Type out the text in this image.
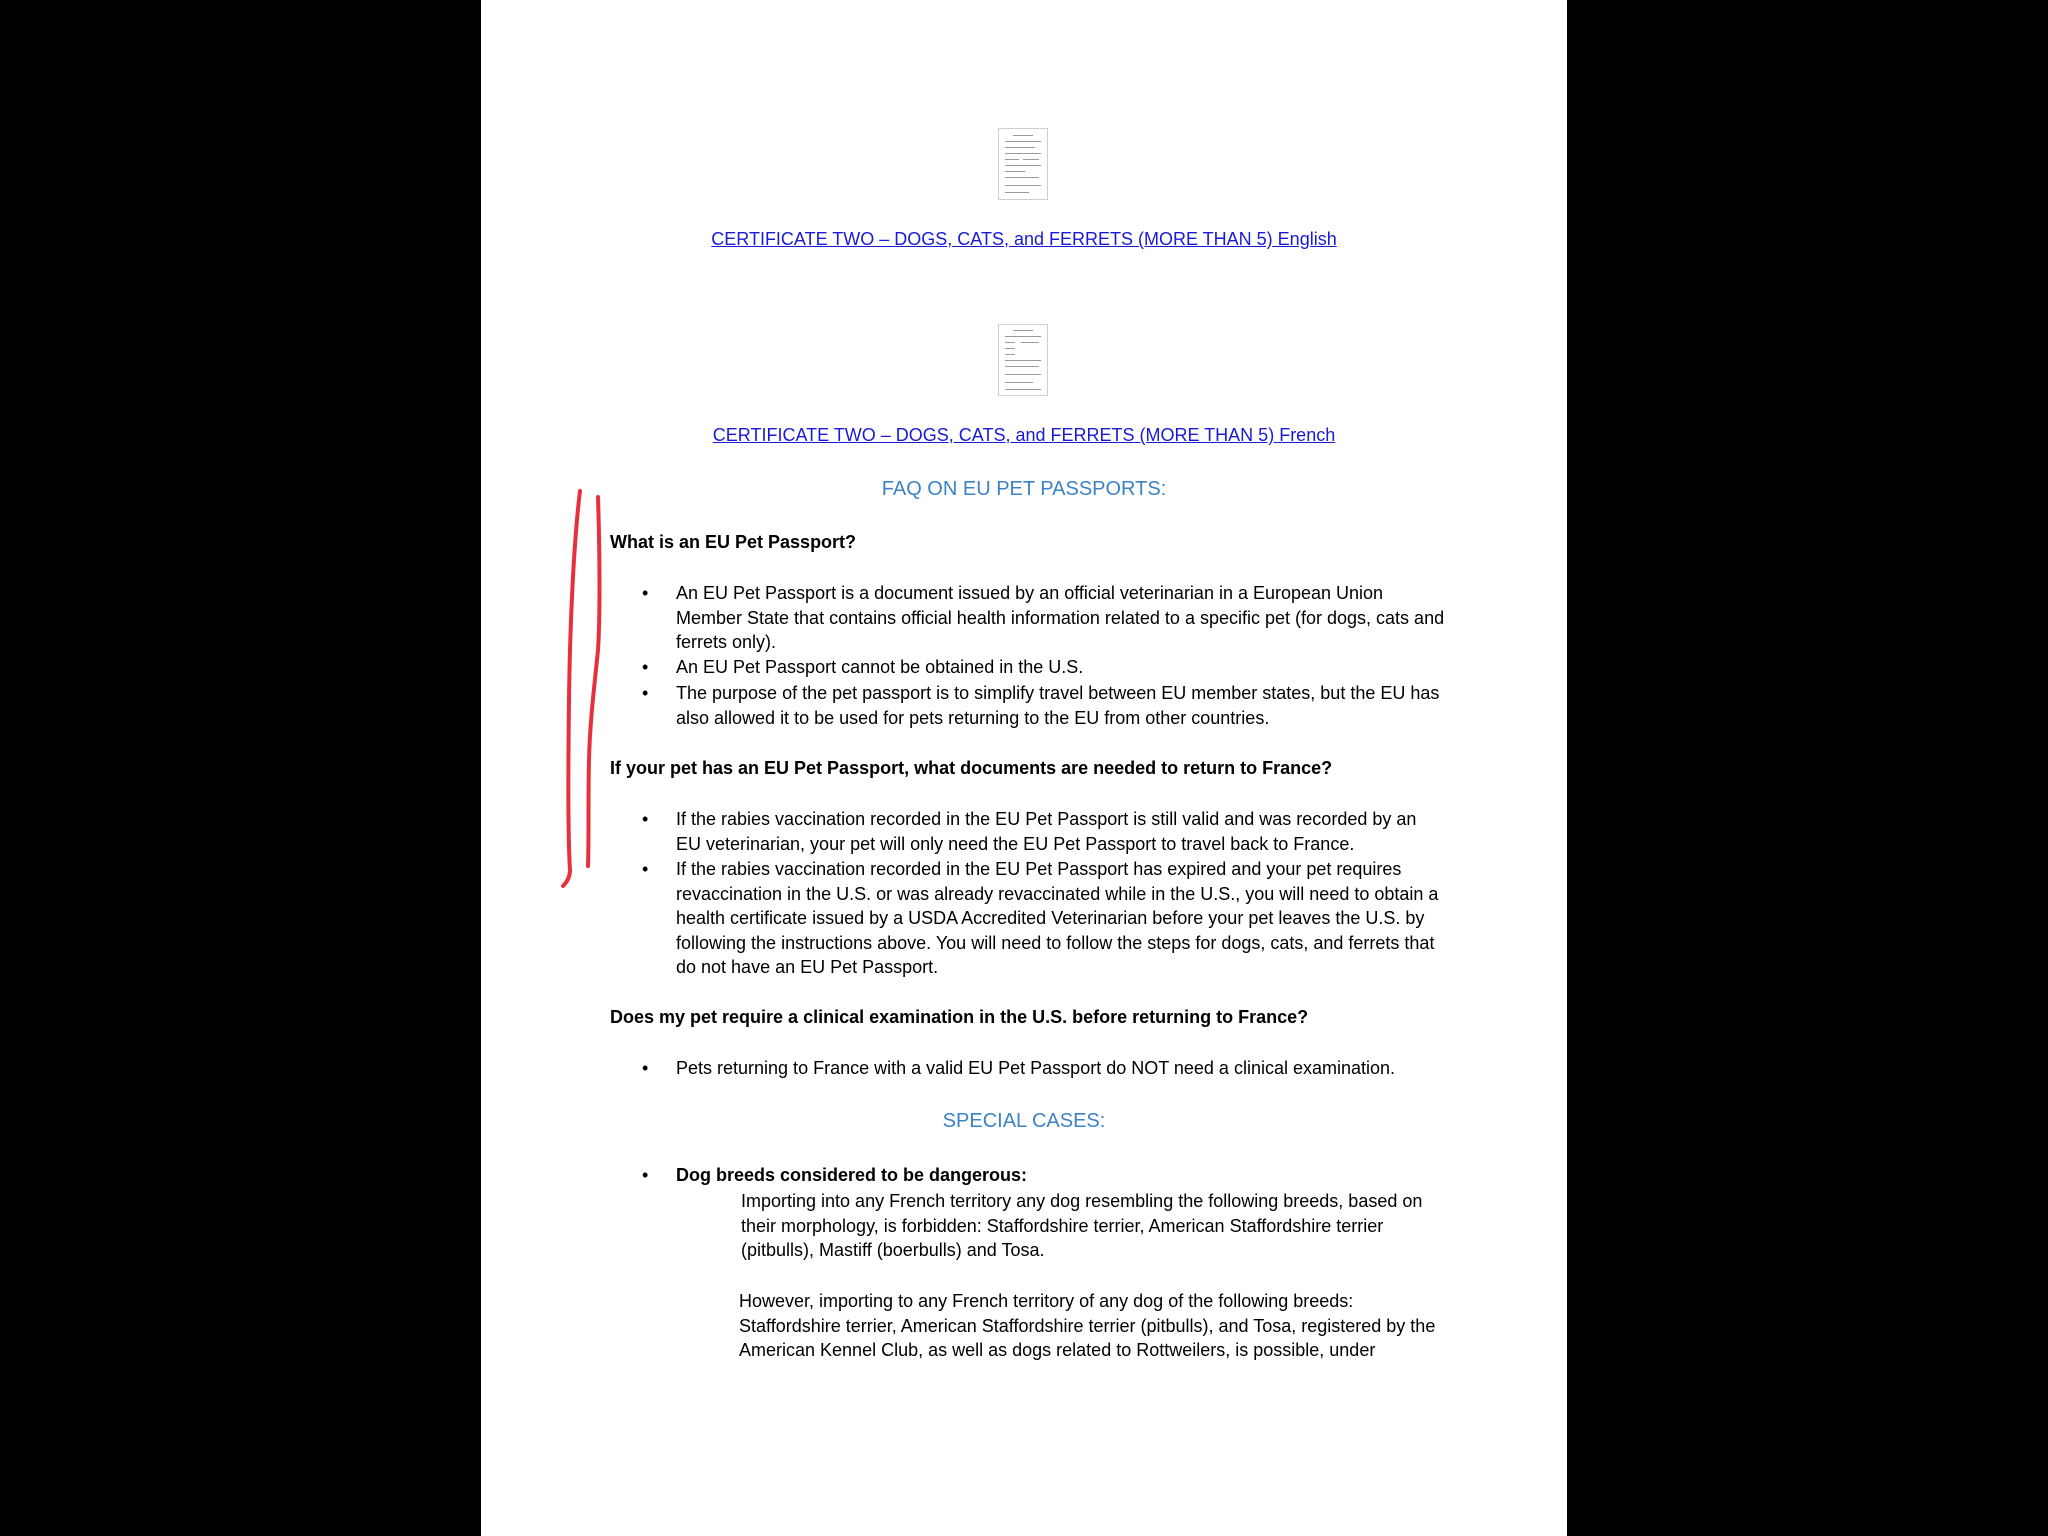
CERTIFICATE TWO – DOGS, CATS, and FERRETS (MORE THAN 5) English
CERTIFICATE TWO – DOGS, CATS, and FERRETS (MORE THAN 5) French
FAQ ON EU PET PASSPORTS:
What is an EU Pet Passport?
•	An EU Pet Passport is a document issued by an official veterinarian in a European Union Member State that contains official health information related to a specific pet (for dogs, cats and ferrets only).
•	An EU Pet Passport cannot be obtained in the U.S.
•	The purpose of the pet passport is to simplify travel between EU member states, but the EU has also allowed it to be used for pets returning to the EU from other countries.
If your pet has an EU Pet Passport, what documents are needed to return to France?
•	If the rabies vaccination recorded in the EU Pet Passport is still valid and was recorded by an EU veterinarian, your pet will only need the EU Pet Passport to travel back to France.
•	If the rabies vaccination recorded in the EU Pet Passport has expired and your pet requires revaccination in the U.S. or was already revaccinated while in the U.S., you will need to obtain a health certificate issued by a USDA Accredited Veterinarian before your pet leaves the U.S. by following the instructions above. You will need to follow the steps for dogs, cats, and ferrets that do not have an EU Pet Passport.
Does my pet require a clinical examination in the U.S. before returning to France?
•	Pets returning to France with a valid EU Pet Passport do NOT need a clinical examination.
SPECIAL CASES:
•	Dog breeds considered to be dangerous:
Importing into any French territory any dog resembling the following breeds, based on their morphology, is forbidden: Staffordshire terrier, American Staffordshire terrier (pitbulls), Mastiff (boerbulls) and Tosa.
However, importing to any French territory of any dog of the following breeds: Staffordshire terrier, American Staffordshire terrier (pitbulls), and Tosa, registered by the American Kennel Club, as well as dogs related to Rottweilers, is possible, under
